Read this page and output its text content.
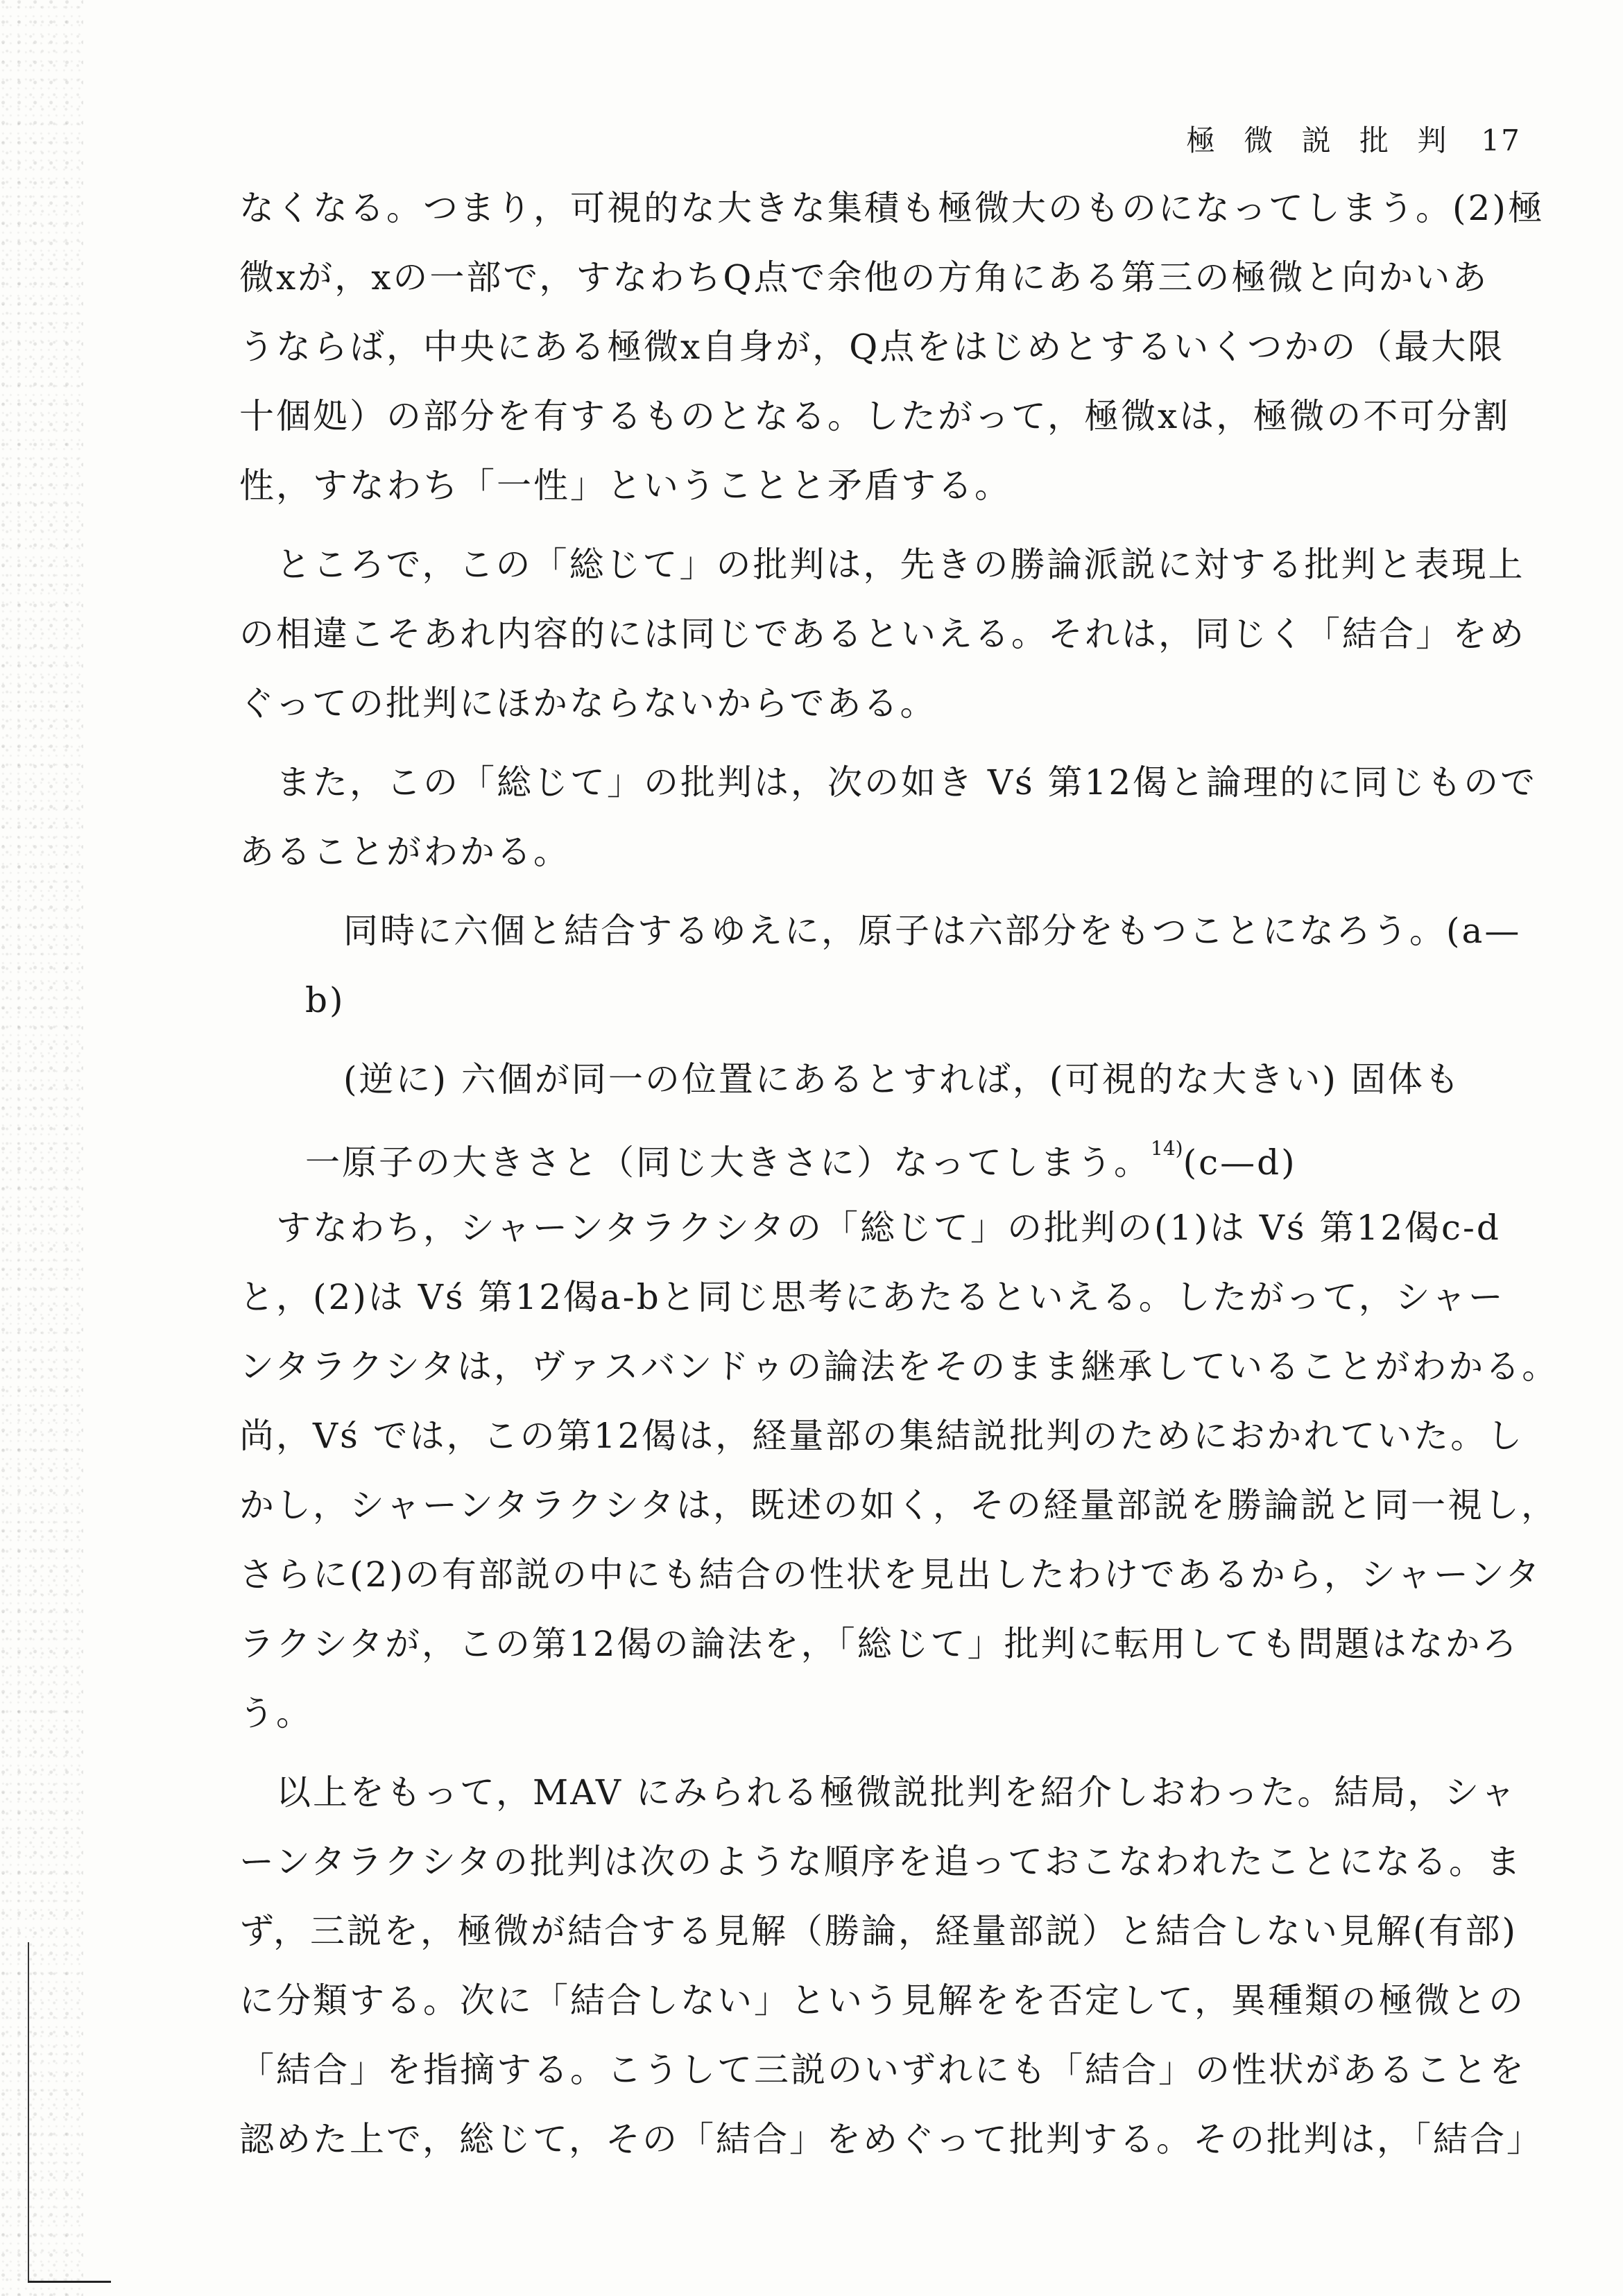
極 微 説 批 判 17
なくなる。つまり，可視的な大きな集積も極微大のものになってしまう。(2)極
微xが，xの一部で，すなわちQ点で余他の方角にある第三の極微と向かいあ
うならば，中央にある極微x自身が，Q点をはじめとするいくつかの（最大限
十個処）の部分を有するものとなる。したがって，極微xは，極微の不可分割
性，すなわち「一性」ということと矛盾する。
　ところで，この「総じて」の批判は，先きの勝論派説に対する批判と表現上
の相違こそあれ内容的には同じであるといえる。それは，同じく「結合」をめ
ぐっての批判にほかならないからである。
　また，この「総じて」の批判は，次の如き Vś 第12偈と論理的に同じもので
あることがわかる。
同時に六個と結合するゆえに，原子は六部分をもつことになろう。(a—
b)
(逆に) 六個が同一の位置にあるとすれば，(可視的な大きい) 固体も
一原子の大きさと（同じ大きさに）なってしまう。$^{14)}$(c—d)
　すなわち，シャーンタラクシタの「総じて」の批判の(1)は Vś 第12偈c-d
と，(2)は Vś 第12偈a-bと同じ思考にあたるといえる。したがって，シャー
ンタラクシタは，ヴァスバンドゥの論法をそのまま継承していることがわかる。
尚，Vś では，この第12偈は，経量部の集結説批判のためにおかれていた。し
かし，シャーンタラクシタは，既述の如く，その経量部説を勝論説と同一視し，
さらに(2)の有部説の中にも結合の性状を見出したわけであるから，シャーンタ
ラクシタが，この第12偈の論法を，「総じて」批判に転用しても問題はなかろ
う。
　以上をもって，MAV にみられる極微説批判を紹介しおわった。結局，シャ
ーンタラクシタの批判は次のような順序を追っておこなわれたことになる。ま
ず，三説を，極微が結合する見解（勝論，経量部説）と結合しない見解(有部)
に分類する。次に「結合しない」という見解をを否定して，異種類の極微との
「結合」を指摘する。こうして三説のいずれにも「結合」の性状があることを
認めた上で，総じて，その「結合」をめぐって批判する。その批判は，「結合」
